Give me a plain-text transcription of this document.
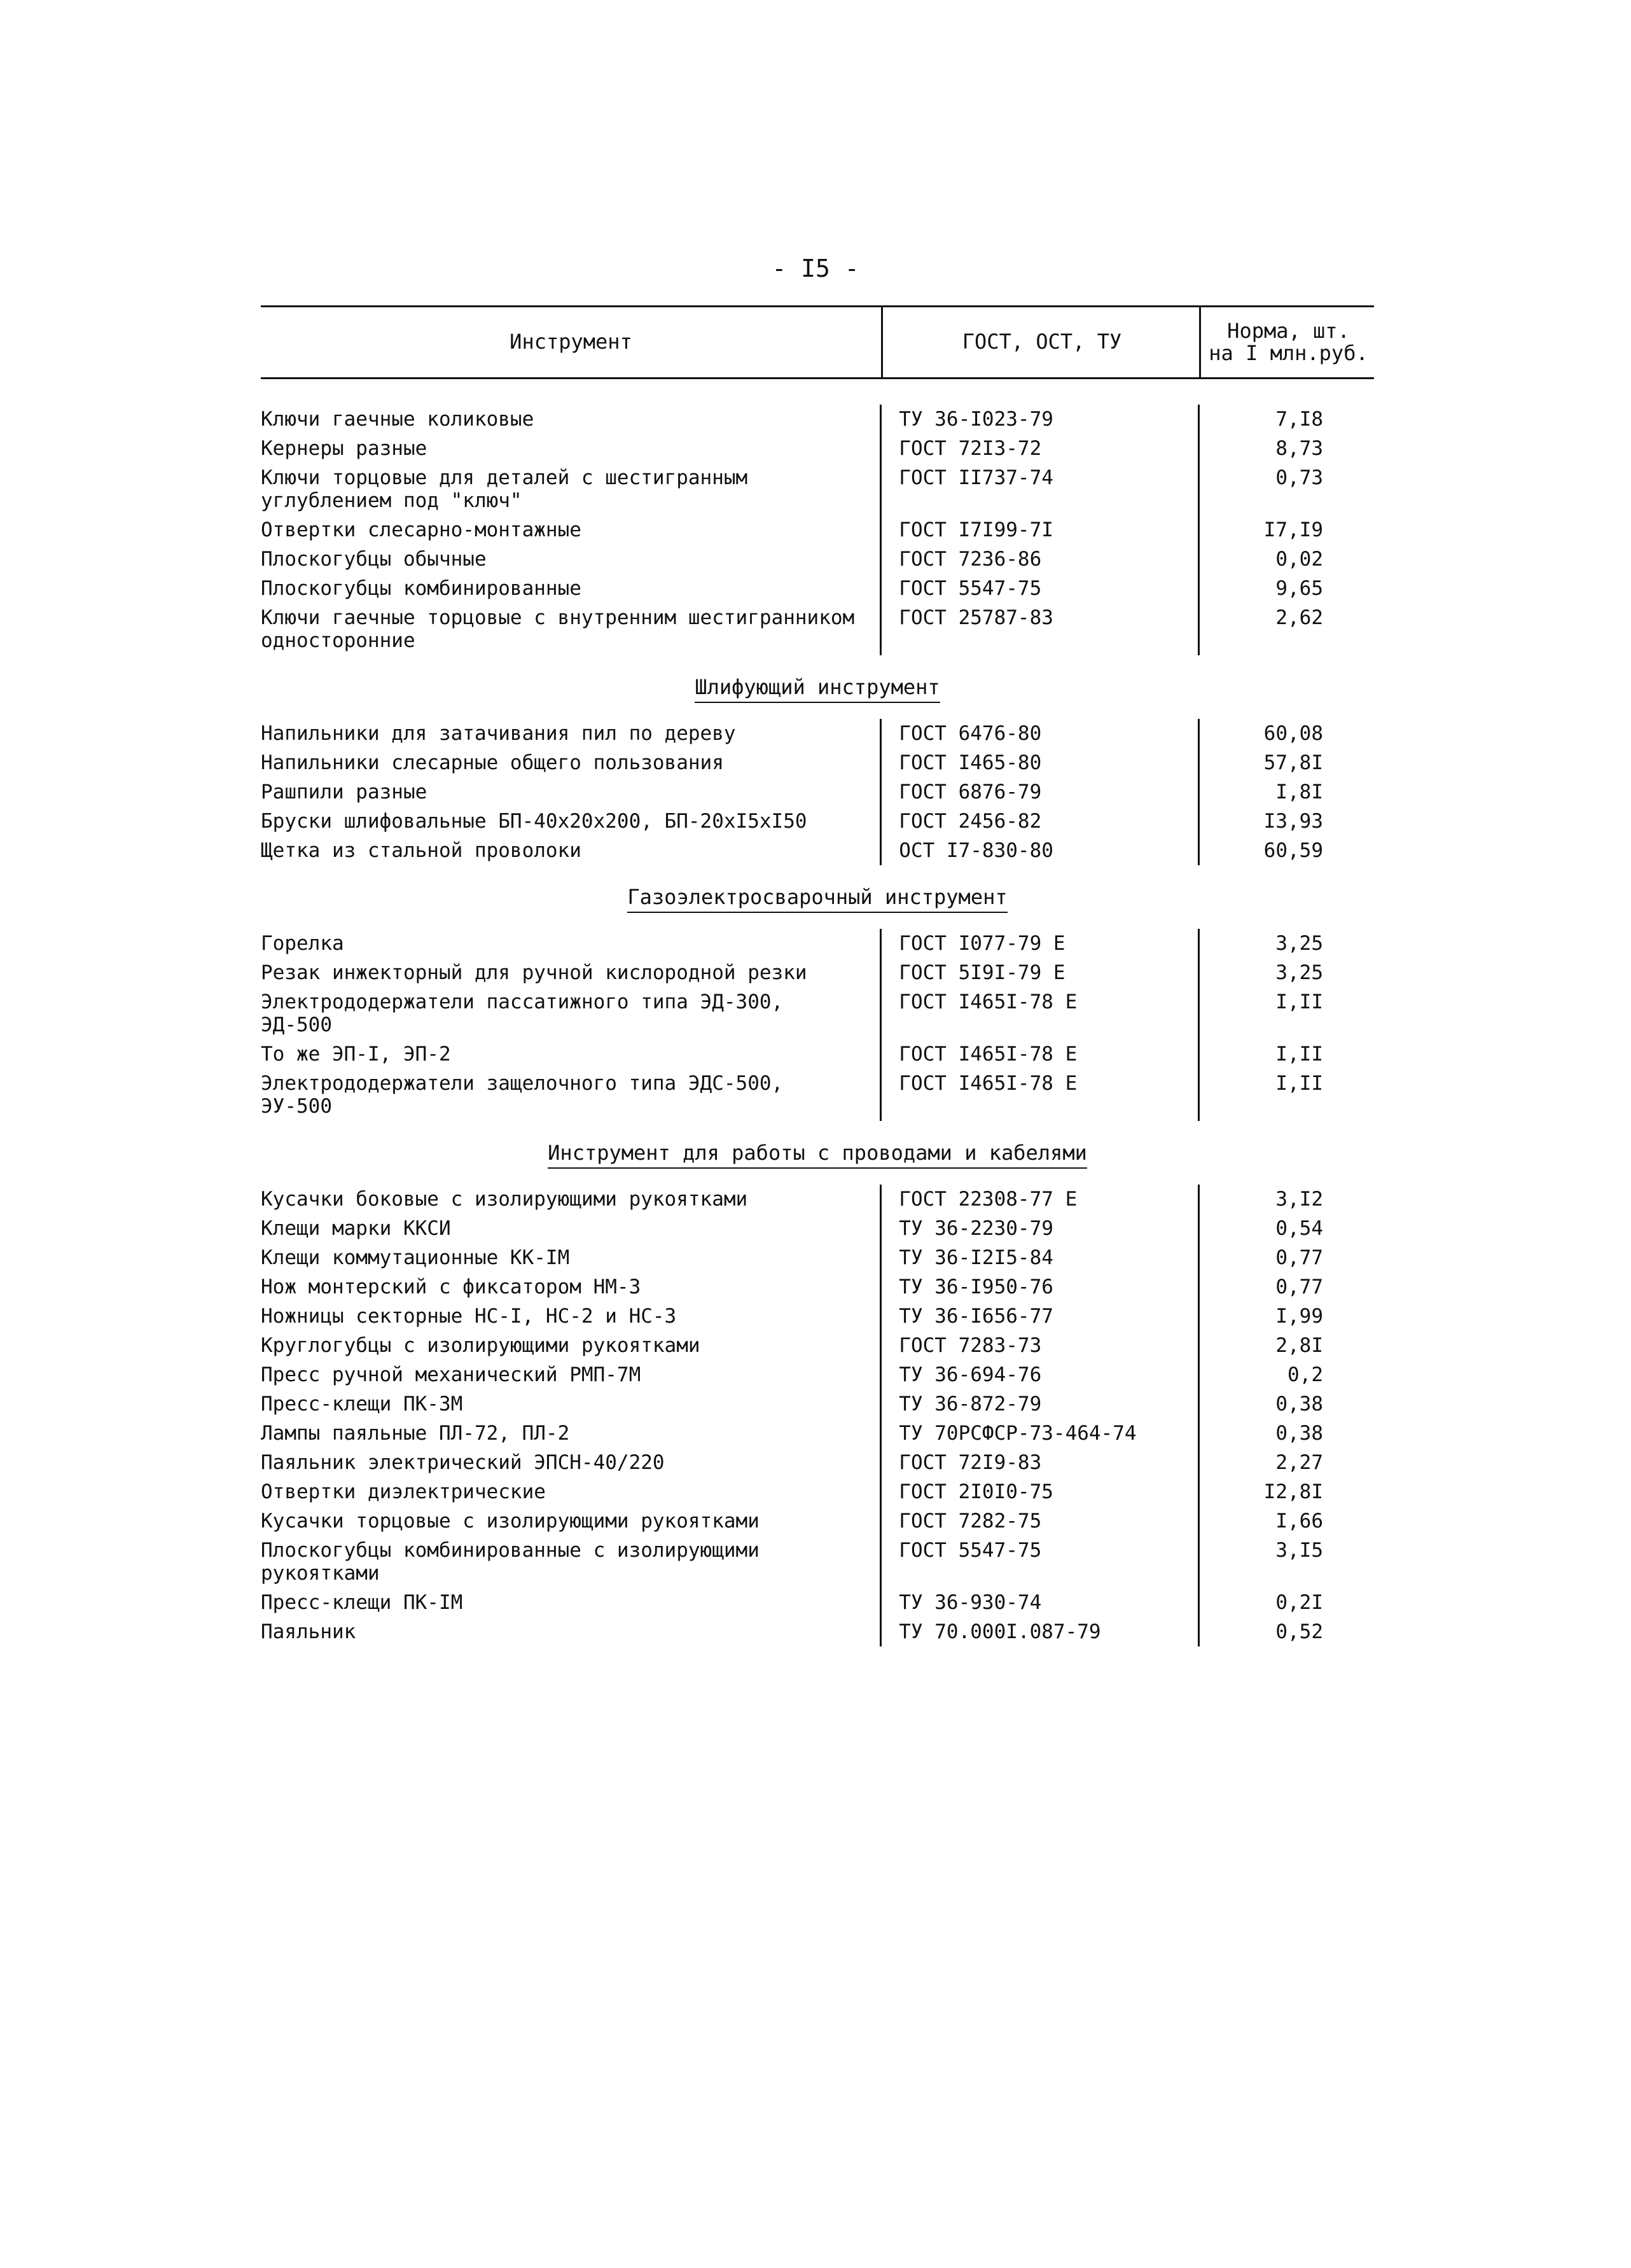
- I5 -
Инструмент	ГОСТ, ОСТ, ТУ	Норма, шт.
на I млн.руб.
Ключи гаечные коликовые	ТУ 36-I023-79	7,I8
Кернеры разные	ГОСТ 72I3-72	8,73
Ключи торцовые для деталей с шестигранным углублением под "ключ"
ГОСТ II737-74	0,73
Отвертки слесарно-монтажные	ГОСТ I7I99-7I	I7,I9
Плоскогубцы обычные	ГОСТ 7236-86	0,02
Плоскогубцы комбинированные	ГОСТ 5547-75	9,65
Ключи гаечные торцовые с внутренним шестигранником односторонние
ГОСТ 25787-83	2,62
Шлифующий инструмент
Напильники для затачивания пил по дереву	ГОСТ 6476-80	60,08
Напильники слесарные общего пользования	ГОСТ I465-80	57,8I
Рашпили разные	ГОСТ 6876-79	I,8I
Бруски шлифовальные БП-40х20х200, БП-20хI5хI50	ГОСТ 2456-82	I3,93
Щетка из стальной проволоки	ОСТ I7-830-80	60,59
Газоэлектросварочный инструмент
Горелка	ГОСТ I077-79 Е	3,25
Резак инжекторный для ручной кислородной резки	ГОСТ 5I9I-79 Е	3,25
Электрододержатели пассатижного типа ЭД-300, ЭД-500
ГОСТ I465I-78 Е	I,II
То же ЭП-I, ЭП-2	ГОСТ I465I-78 Е	I,II
Электрододержатели защелочного типа ЭДС-500, ЭУ-500
ГОСТ I465I-78 Е	I,II
Инструмент для работы с проводами и кабелями
Кусачки боковые с изолирующими рукоятками	ГОСТ 22308-77 Е	3,I2
Клещи марки ККСИ	ТУ 36-2230-79	0,54
Клещи коммутационные КК-IМ	ТУ 36-I2I5-84	0,77
Нож монтерский с фиксатором НМ-3	ТУ 36-I950-76	0,77
Ножницы секторные НС-I, НС-2 и НС-3	ТУ 36-I656-77	I,99
Круглогубцы с изолирующими рукоятками	ГОСТ 7283-73	2,8I
Пресс ручной механический РМП-7М	ТУ 36-694-76	0,2
Пресс-клещи ПК-3М	ТУ 36-872-79	0,38
Лампы паяльные ПЛ-72, ПЛ-2	ТУ 70РСФСР-73-464-74	0,38
Паяльник электрический ЭПСН-40/220	ГОСТ 72I9-83	2,27
Отвертки диэлектрические	ГОСТ 2I0I0-75	I2,8I
Кусачки торцовые с изолирующими рукоятками	ГОСТ 7282-75	I,66
Плоскогубцы комбинированные с изолирующими рукоятками
ГОСТ 5547-75	3,I5
Пресс-клещи ПК-IМ	ТУ 36-930-74	0,2I
Паяльник	ТУ 70.000I.087-79	0,52
